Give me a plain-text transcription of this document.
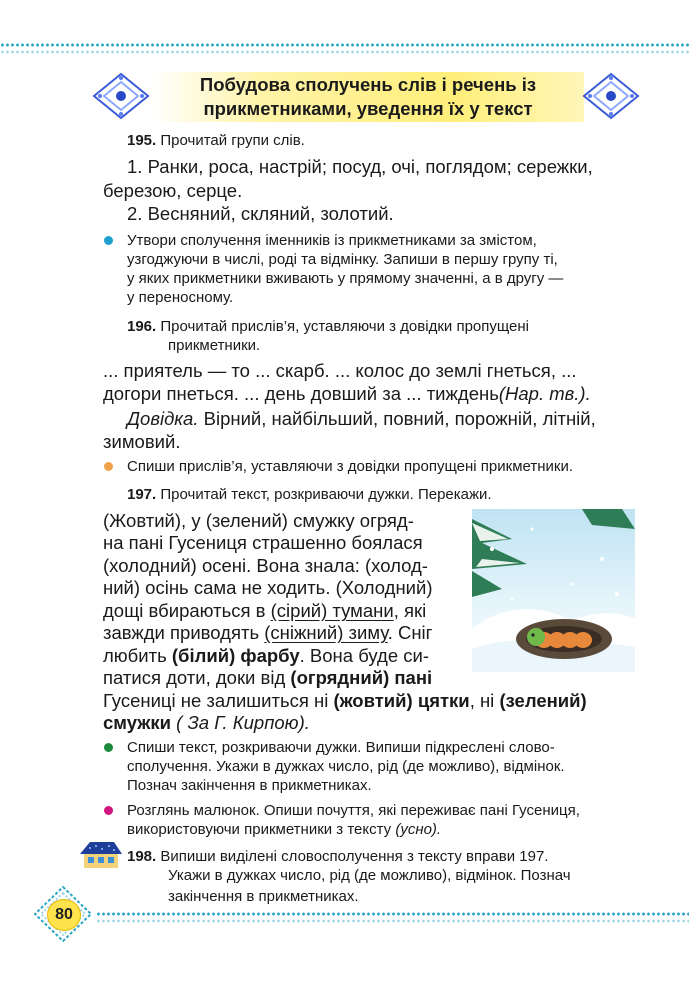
Побудова сполучень слів і речень із
прикметниками, уведення їх у текст
195. Прочитай групи слів.
1. Ранки, роса, настрій; посуд, очі, поглядом; сережки,
березою, серце.
2. Весняний, скляний, золотий.
Утвори сполучення іменників із прикметниками за змістом,
узгоджуючи в числі, роді та відмінку. Запиши в першу групу ті,
у яких прикметники вживають у прямому значенні, а в другу —
у переносному.
196. Прочитай прислів’я, уставляючи з довідки пропущені
прикметники.
... приятель — то ... скарб. ... колос до землі гнеться, ...
догори пнеться. ... день довший за ... тиждень(Нар. тв.).
Довідка. Вірний, найбільший, повний, порожній, літній,
зимовий.
Спиши прислів’я, уставляючи з довідки пропущені прикметники.
197. Прочитай текст, розкриваючи дужки. Перекажи.
(Жовтий), у (зелений) смужку огряд-
на пані Гусениця страшенно боялася
(холодний) осені. Вона знала: (холод-
ний) осінь сама не ходить. (Холодний)
дощі вбираються в (сірий) тумани, які
завжди приводять (сніжний) зиму. Сніг
любить (білий) фарбу. Вона буде си-
патися доти, доки від (огрядний) пані
Гусениці не залишиться ні (жовтий) цятки, ні (зелений)
смужки ( За Г. Кирпою).
Спиши текст, розкриваючи дужки. Випиши підкреслені слово-
сполучення. Укажи в дужках число, рід (де можливо), відмінок.
Познач закінчення в прикметниках.
Розглянь малюнок. Опиши почуття, які переживає пані Гусениця,
використовуючи прикметники з тексту (усно).
198. Випиши виділені словосполучення з тексту вправи 197.
Укажи в дужках число, рід (де можливо), відмінок. Познач
закінчення в прикметниках.
80
